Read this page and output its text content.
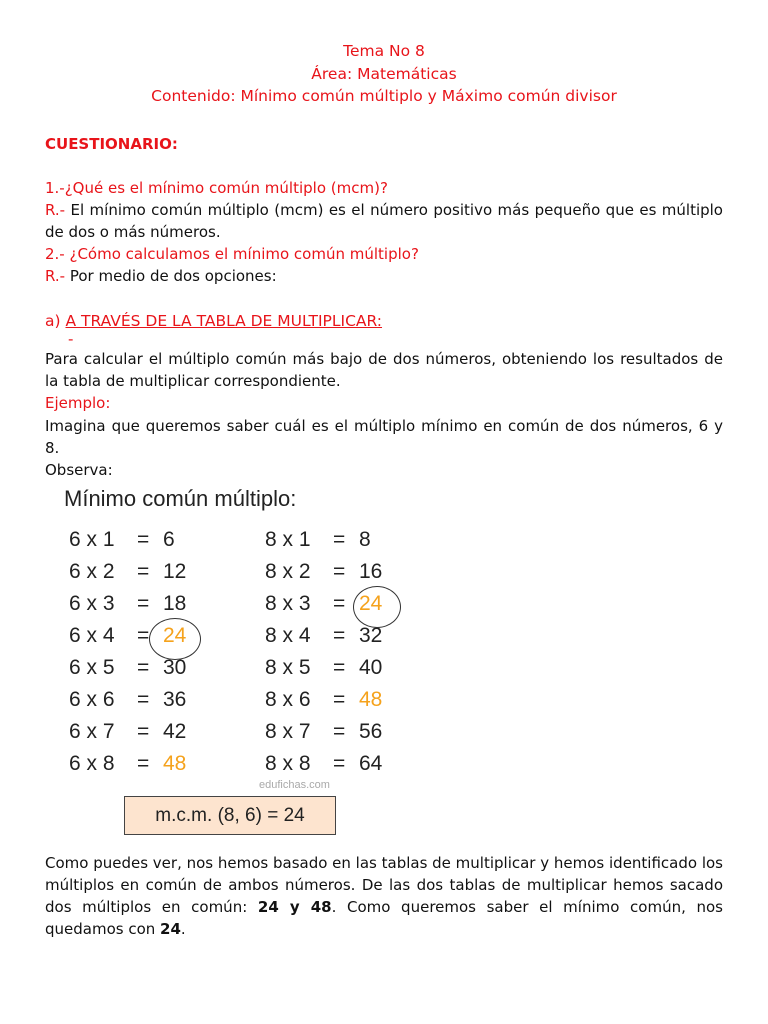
Tema No 8
Área: Matemáticas
Contenido: Mínimo común múltiplo y Máximo común divisor
CUESTIONARIO:
1.-¿Qué es el mínimo común múltiplo (mcm)?
R.- El mínimo común múltiplo (mcm) es el número positivo más pequeño que es múltiplo de dos o más números.
2.- ¿Cómo calculamos el mínimo común múltiplo?
R.- Por medio de dos opciones:
a) A TRAVÉS DE LA TABLA DE MULTIPLICAR:
-
Para calcular el múltiplo común más bajo de dos números, obteniendo los resultados de la tabla de multiplicar correspondiente.
Ejemplo:
Imagina que queremos saber cuál es el múltiplo mínimo en común de dos números, 6 y 8.
Observa:
Mínimo común múltiplo:
6 x 1 = 6
6 x 2 = 12
6 x 3 = 18
6 x 4 = 24
6 x 5 = 30
6 x 6 = 36
6 x 7 = 42
6 x 8 = 48
8 x 1 = 8
8 x 2 = 16
8 x 3 = 24
8 x 4 = 32
8 x 5 = 40
8 x 6 = 48
8 x 7 = 56
8 x 8 = 64
edufichas.com
m.c.m. (8, 6) = 24
Como puedes ver, nos hemos basado en las tablas de multiplicar y hemos identificado los múltiplos en común de ambos números. De las dos tablas de multiplicar hemos sacado dos múltiplos en común: 24 y 48. Como queremos saber el mínimo común, nos quedamos con 24.
